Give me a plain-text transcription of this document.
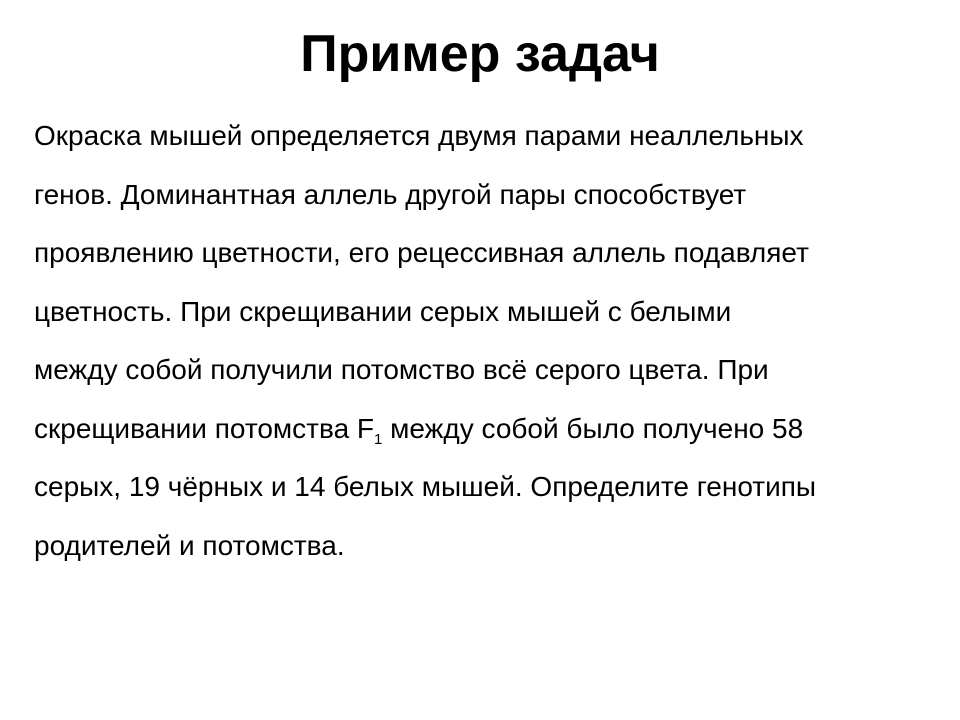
Пример задач
Окраска мышей определяется двумя парами неаллельных
генов. Доминантная аллель другой пары способствует
проявлению цветности, его рецессивная аллель подавляет
цветность. При скрещивании серых мышей с белыми
между собой получили потомство всё серого цвета. При
скрещивании потомства $F_1$ между собой было получено 58
серых, 19 чёрных и 14 белых мышей. Определите генотипы
родителей и потомства.
